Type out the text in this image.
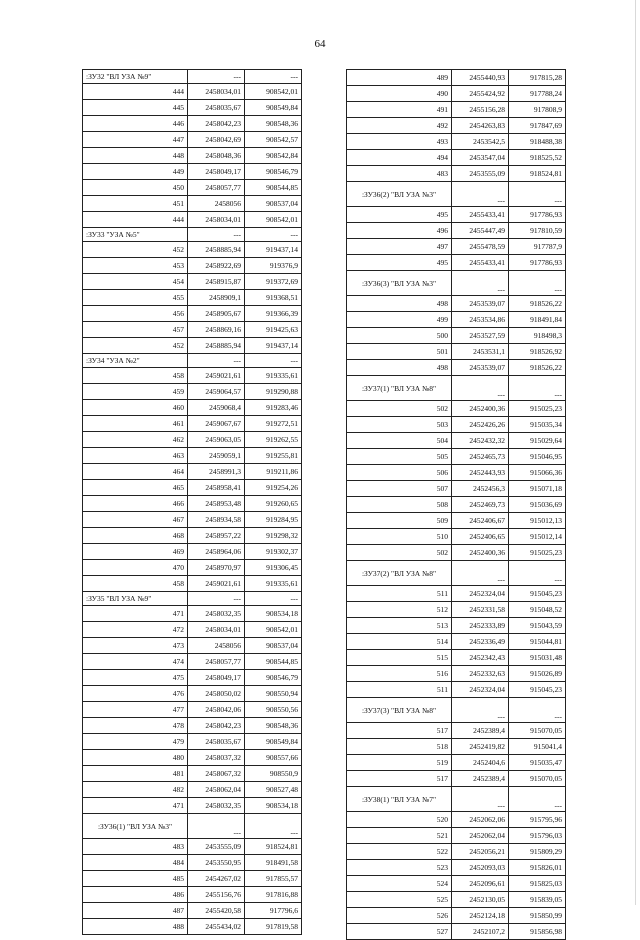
64
:ЗУ32 "ВЛ УЗА №9"	---	---
444	2458034,01	908542,01
445	2458035,67	908549,84
446	2458042,23	908548,36
447	2458042,69	908542,57
448	2458048,36	908542,84
449	2458049,17	908546,79
450	2458057,77	908544,85
451	2458056	908537,04
444	2458034,01	908542,01
:ЗУ33 "УЗА №5"	---	---
452	2458885,94	919437,14
453	2458922,69	919376,9
454	2458915,87	919372,69
455	2458909,1	919368,51
456	2458905,67	919366,39
457	2458869,16	919425,63
452	2458885,94	919437,14
:ЗУ34 "УЗА №2"	---	---
458	2459021,61	919335,61
459	2459064,57	919290,88
460	2459068,4	919283,46
461	2459067,67	919272,51
462	2459063,05	919262,55
463	2459059,1	919255,81
464	2458991,3	919211,86
465	2458958,41	919254,26
466	2458953,48	919260,65
467	2458934,58	919284,95
468	2458957,22	919298,32
469	2458964,06	919302,37
470	2458970,97	919306,45
458	2459021,61	919335,61
:ЗУ35 "ВЛ УЗА №9"	---	---
471	2458032,35	908534,18
472	2458034,01	908542,01
473	2458056	908537,04
474	2458057,77	908544,85
475	2458049,17	908546,79
476	2458050,02	908550,94
477	2458042,06	908550,56
478	2458042,23	908548,36
479	2458035,67	908549,84
480	2458037,32	908557,66
481	2458067,32	908550,9
482	2458062,04	908527,48
471	2458032,35	908534,18
:ЗУ36(1) "ВЛ УЗА №3"	---	---
483	2453555,09	918524,81
484	2453550,95	918491,58
485	2454267,02	917855,57
486	2455156,76	917816,88
487	2455420,58	917796,6
488	2455434,02	917819,58
489	2455440,93	917815,28
490	2455424,92	917788,24
491	2455156,28	917808,9
492	2454263,83	917847,69
493	2453542,5	918488,38
494	2453547,04	918525,52
483	2453555,09	918524,81
:ЗУ36(2) "ВЛ УЗА №3"	---	---
495	2455433,41	917786,93
496	2455447,49	917810,59
497	2455478,59	917787,9
495	2455433,41	917786,93
:ЗУ36(3) "ВЛ УЗА №3"	---	---
498	2453539,07	918526,22
499	2453534,86	918491,84
500	2453527,59	918498,3
501	2453531,1	918526,92
498	2453539,07	918526,22
:ЗУ37(1) "ВЛ УЗА №8"	---	---
502	2452400,36	915025,23
503	2452426,26	915035,34
504	2452432,32	915029,64
505	2452465,73	915046,95
506	2452443,93	915066,36
507	2452456,3	915071,18
508	2452469,73	915036,69
509	2452406,67	915012,13
510	2452406,65	915012,14
502	2452400,36	915025,23
:ЗУ37(2) "ВЛ УЗА №8"	---	---
511	2452324,04	915045,23
512	2452331,58	915048,52
513	2452333,89	915043,59
514	2452336,49	915044,81
515	2452342,43	915031,48
516	2452332,63	915026,89
511	2452324,04	915045,23
:ЗУ37(3) "ВЛ УЗА №8"	---	---
517	2452389,4	915070,05
518	2452419,82	915041,4
519	2452404,6	915035,47
517	2452389,4	915070,05
:ЗУ38(1) "ВЛ УЗА №7"	---	---
520	2452062,06	915795,96
521	2452062,04	915796,03
522	2452056,21	915809,29
523	2452093,03	915826,01
524	2452096,61	915825,03
525	2452130,05	915839,05
526	2452124,18	915850,99
527	2452107,2	915856,98
